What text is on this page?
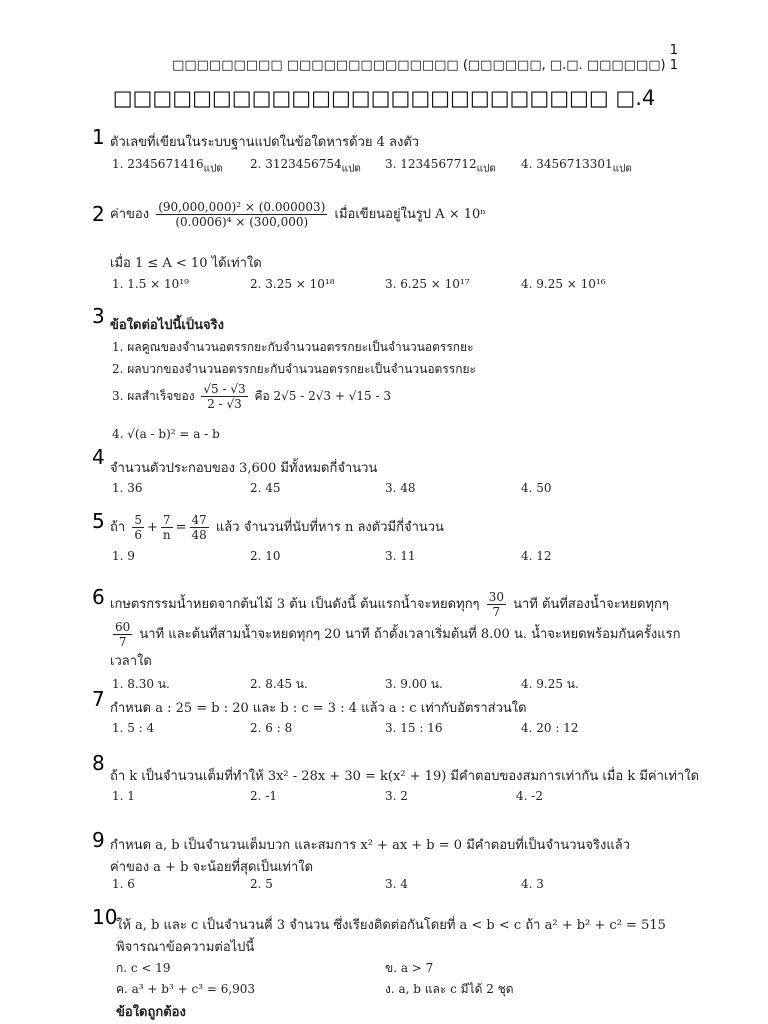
1
□□□□□□□□□ □□□□□□□□□□□□□□ (□□□□□□, □.□. □□□□□□) 1
□□□□□□□□□□□□□□□□□□□□□□□□□ □.4
1 ตัวเลขที่เขียนในระบบฐานแปดในข้อใดหารด้วย 4 ลงตัว
1. $2345671416_{แปด}$ 2. $3123456754_{แปด}$ 3. $1234567712_{แปด}$ 4. $3456713301_{แปด}$
2 ค่าของ $\frac{\text{(90,000,000)² × (0.000003)}}{\text{(0.0006)⁴ × (300,000)}}$ เมื่อเขียนอยู่ในรูป A × 10ⁿ
เมื่อ 1 ≤ A < 10 ได้เท่าใด
1. 1.5 × 10¹⁹	2. 3.25 × 10¹⁸	3. 6.25 × 10¹⁷	4. 9.25 × 10¹⁶
3 ข้อใดต่อไปนี้เป็นจริง
1. ผลคูณของจำนวนอตรรกยะกับจำนวนอตรรกยะเป็นจำนวนอตรรกยะ
2. ผลบวกของจำนวนอตรรกยะกับจำนวนอตรรกยะเป็นจำนวนอตรรกยะ
3. ผลสำเร็จของ $\frac{√5 - √3}{2 - √3}$ คือ 2√5 - 2√3 + √15 - 3
4. √(a - b)² = a - b
4 จำนวนตัวประกอบของ 3,600 มีทั้งหมดกี่จำนวน
1. 36	2. 45	3. 48	4. 50
5 ถ้า $\frac{5}{6} + \frac{7}{n} = \frac{47}{48}$ แล้ว จำนวนที่นับที่หาร n ลงตัวมีกี่จำนวน
1. 9	2. 10	3. 11	4. 12
6 เกษตรกรรมน้ำหยดจากต้นไม้ 3 ต้น เป็นดังนี้ ต้นแรกน้ำจะหยดทุกๆ $\frac{30}{7}$ นาที ต้นที่สองน้ำจะหยดทุกๆ
$\frac{60}{7}$ นาที และต้นที่สามน้ำจะหยดทุกๆ 20 นาที ถ้าตั้งเวลาเริ่มต้นที่ 8.00 น. น้ำจะหยดพร้อมกันครั้งแรก
เวลาใด
1. 8.30 น.	2. 8.45 น.	3. 9.00 น.	4. 9.25 น.
7 กำหนด a : 25 = b : 20 และ b : c = 3 : 4 แล้ว a : c เท่ากับอัตราส่วนใด
1. 5 : 4	2. 6 : 8	3. 15 : 16	4. 20 : 12
8
ถ้า k เป็นจำนวนเต็มที่ทำให้ 3x² - 28x + 30 = k(x² + 19) มีคำตอบของสมการเท่ากัน เมื่อ k มีค่าเท่าใด
1. 1	2. -1	3. 2	4. -2
9 กำหนด a, b เป็นจำนวนเต็มบวก และสมการ x² + ax + b = 0 มีคำตอบที่เป็นจำนวนจริงแล้ว
ค่าของ a + b จะน้อยที่สุดเป็นเท่าใด
1. 6	2. 5	3. 4	4. 3
10
ให้ a, b และ c เป็นจำนวนคี่ 3 จำนวน ซึ่งเรียงติดต่อกันโดยที่ a < b < c ถ้า a² + b² + c² = 515
พิจารณาข้อความต่อไปนี้
ก. c < 19	ข. a > 7
ค. a³ + b³ + c³ = 6,903	ง. a, b และ c มีได้ 2 ชุด
ข้อใดถูกต้อง
